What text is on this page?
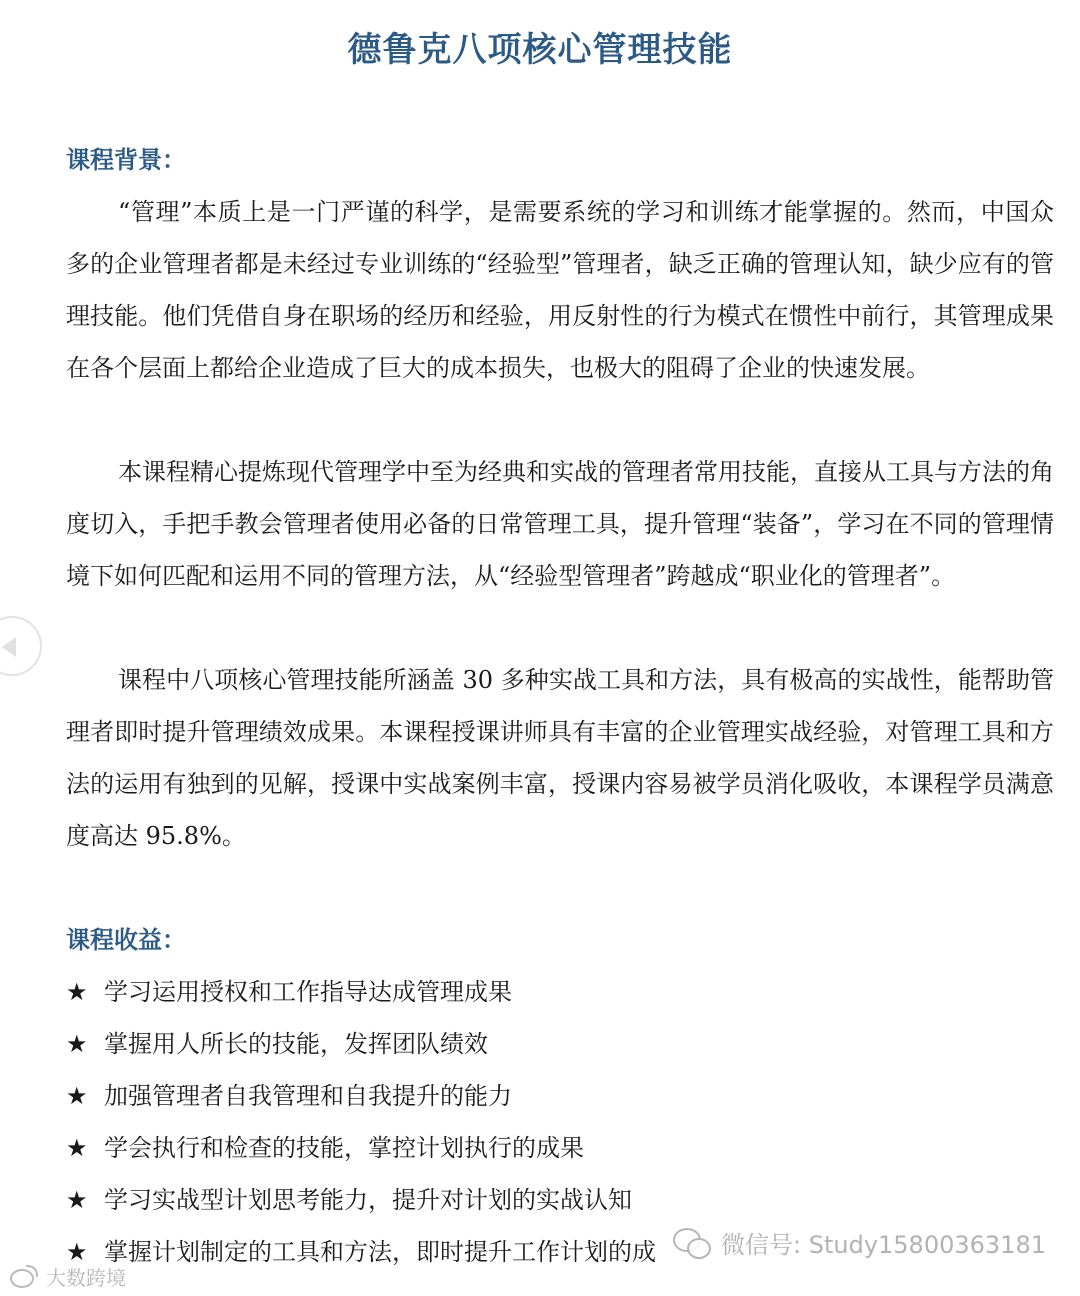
德鲁克八项核心管理技能
课程背景：

“管理”本质上是一门严谨的科学，是需要系统的学习和训练才能掌握的。然而，中国众多的企业管理者都是未经过专业训练的“经验型”管理者，缺乏正确的管理认知，缺少应有的管理技能。他们凭借自身在职场的经历和经验，用反射性的行为模式在惯性中前行，其管理成果在各个层面上都给企业造成了巨大的成本损失，也极大的阻碍了企业的快速发展。

本课程精心提炼现代管理学中至为经典和实战的管理者常用技能，直接从工具与方法的角度切入，手把手教会管理者使用必备的日常管理工具，提升管理“装备”，学习在不同的管理情境下如何匹配和运用不同的管理方法，从“经验型管理者”跨越成“职业化的管理者”。

课程中八项核心管理技能所涵盖 30 多种实战工具和方法，具有极高的实战性，能帮助管理者即时提升管理绩效成果。本课程授课讲师具有丰富的企业管理实战经验，对管理工具和方法的运用有独到的见解，授课中实战案例丰富，授课内容易被学员消化吸收，本课程学员满意度高达 95.8%。

课程收益：
★ 学习运用授权和工作指导达成管理成果
★ 掌握用人所长的技能，发挥团队绩效
★ 加强管理者自我管理和自我提升的能力
★ 学会执行和检查的技能，掌控计划执行的成果
★ 学习实战型计划思考能力，提升对计划的实战认知
★ 掌握计划制定的工具和方法，即时提升工作计划的成	微信号: Study15800363181
大数跨境
